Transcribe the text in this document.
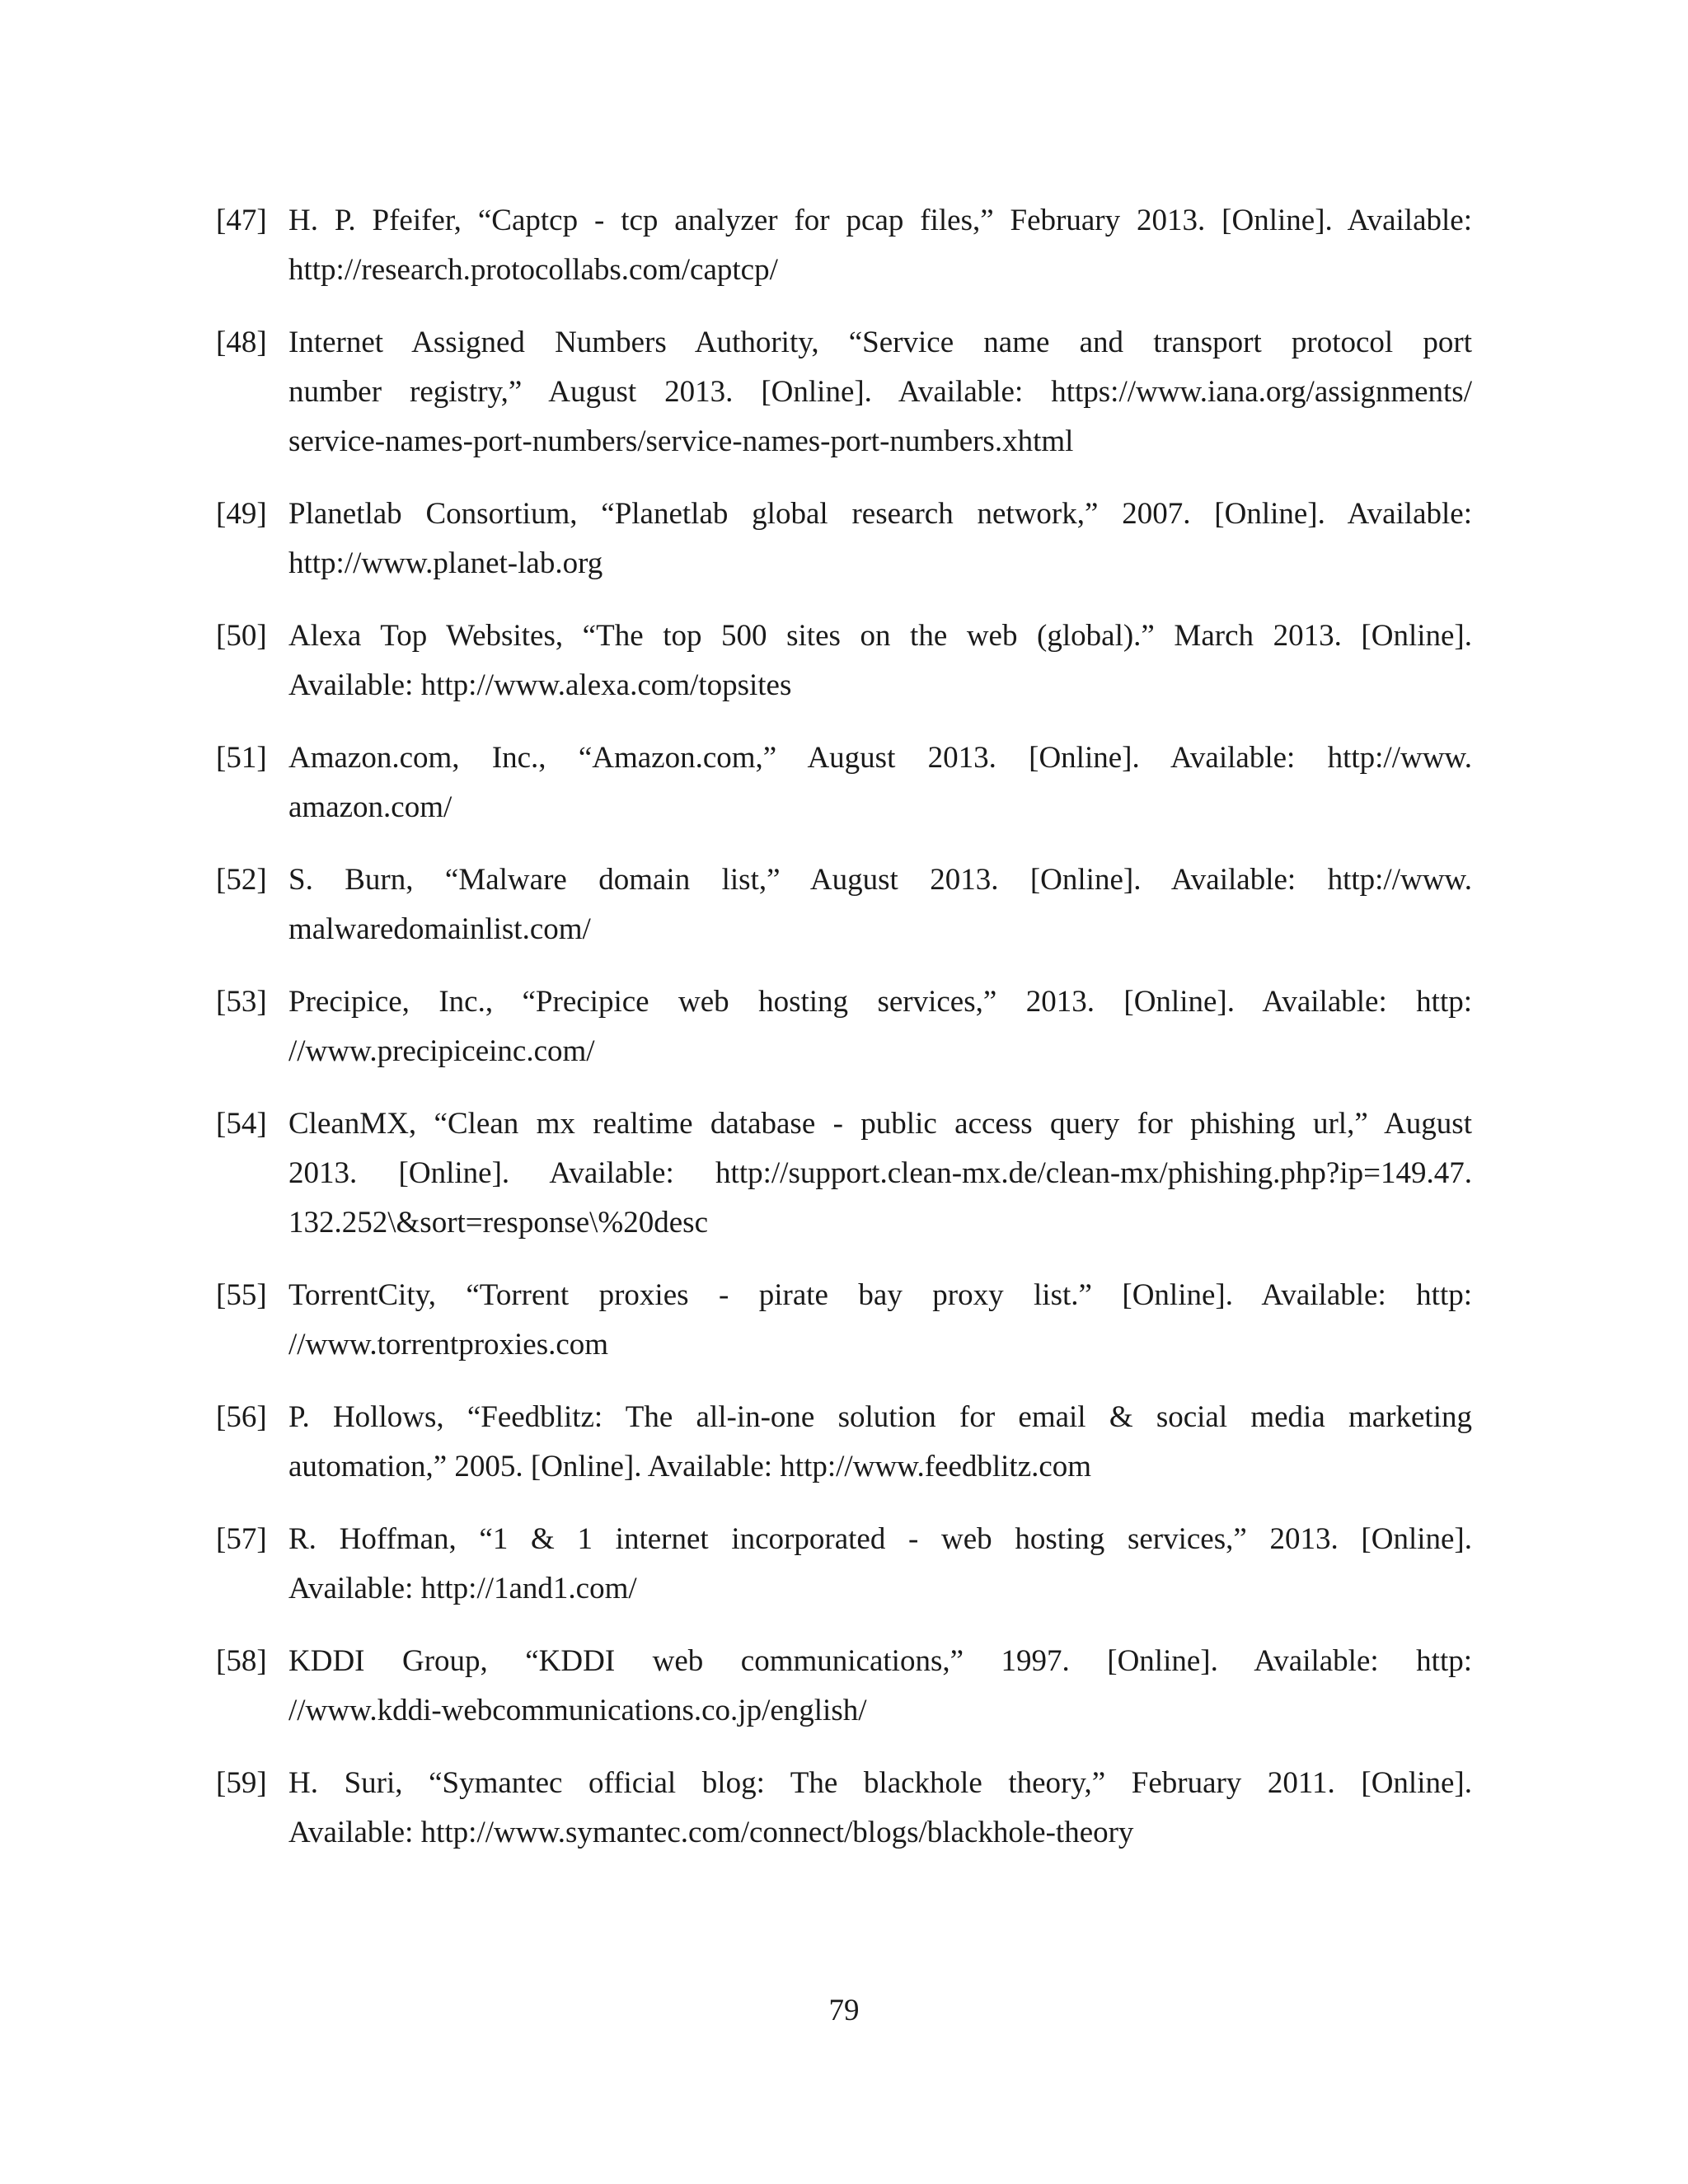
[47] H. P. Pfeifer, “Captcp - tcp analyzer for pcap files,” February 2013. [Online]. Available:
http://research.protocollabs.com/captcp/
[48] Internet Assigned Numbers Authority, “Service name and transport protocol port
number registry,” August 2013. [Online]. Available: https://www.iana.org/assignments/
service-names-port-numbers/service-names-port-numbers.xhtml
[49] Planetlab Consortium, “Planetlab global research network,” 2007. [Online]. Available:
http://www.planet-lab.org
[50] Alexa Top Websites, “The top 500 sites on the web (global).” March 2013. [Online].
Available: http://www.alexa.com/topsites
[51] Amazon.com, Inc., “Amazon.com,” August 2013. [Online]. Available: http://www.
amazon.com/
[52] S. Burn, “Malware domain list,” August 2013. [Online]. Available: http://www.
malwaredomainlist.com/
[53] Precipice, Inc., “Precipice web hosting services,” 2013. [Online]. Available: http:
//www.precipiceinc.com/
[54] CleanMX, “Clean mx realtime database - public access query for phishing url,” August
2013. [Online]. Available: http://support.clean-mx.de/clean-mx/phishing.php?ip=149.47.
132.252\&sort=response\%20desc
[55] TorrentCity, “Torrent proxies - pirate bay proxy list.” [Online]. Available: http:
//www.torrentproxies.com
[56] P. Hollows, “Feedblitz: The all-in-one solution for email & social media marketing
automation,” 2005. [Online]. Available: http://www.feedblitz.com
[57] R. Hoffman, “1 & 1 internet incorporated - web hosting services,” 2013. [Online].
Available: http://1and1.com/
[58] KDDI Group, “KDDI web communications,” 1997. [Online]. Available: http:
//www.kddi-webcommunications.co.jp/english/
[59] H. Suri, “Symantec official blog: The blackhole theory,” February 2011. [Online].
Available: http://www.symantec.com/connect/blogs/blackhole-theory
79
